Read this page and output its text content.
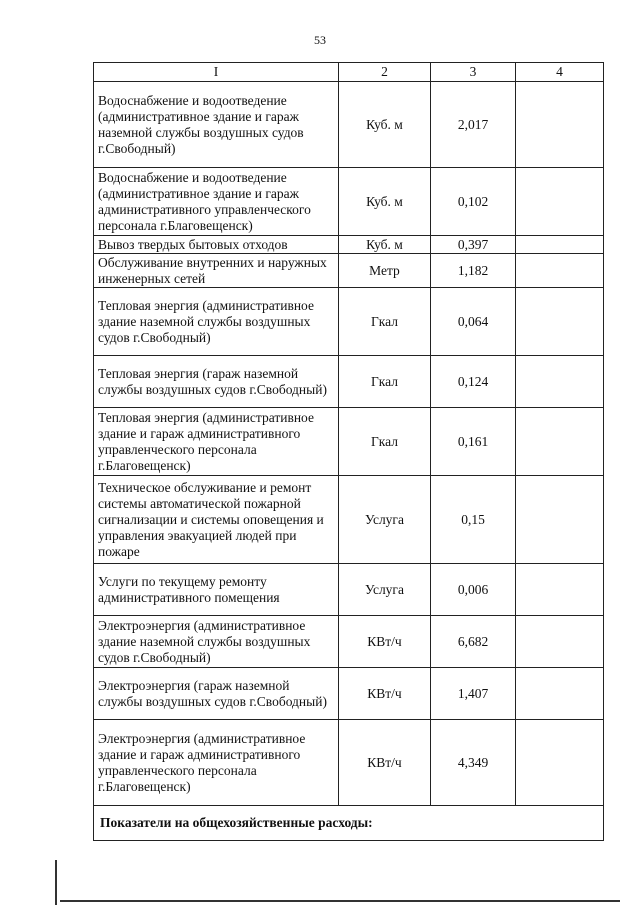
53
I	2	3	4
Водоснабжение и водоотведение (административное здание и гараж наземной службы воздушных судов г.Свободный)	Куб. м	2,017	
Водоснабжение и водоотведение (административное здание и гараж административного управленческого персонала г.Благовещенск)	Куб. м	0,102	
Вывоз твердых бытовых отходов	Куб. м	0,397	
Обслуживание внутренних и наружных инженерных сетей	Метр	1,182	
Тепловая энергия (административное здание наземной службы воздушных судов г.Свободный)	Гкал	0,064	
Тепловая энергия (гараж наземной службы воздушных судов г.Свободный)	Гкал	0,124	
Тепловая энергия (административное здание и гараж административного управленческого персонала г.Благовещенск)	Гкал	0,161	
Техническое обслуживание и ремонт системы автоматической пожарной сигнализации и системы оповещения и управления эвакуацией людей при пожаре	Услуга	0,15	
Услуги по текущему ремонту административного помещения	Услуга	0,006	
Электроэнергия (административное здание наземной службы воздушных судов г.Свободный)	КВт/ч	6,682	
Электроэнергия (гараж наземной службы воздушных судов г.Свободный)	КВт/ч	1,407	
Электроэнергия (административное здание и гараж административного управленческого персонала г.Благовещенск)	КВт/ч	4,349	
Показатели на общехозяйственные расходы:			
